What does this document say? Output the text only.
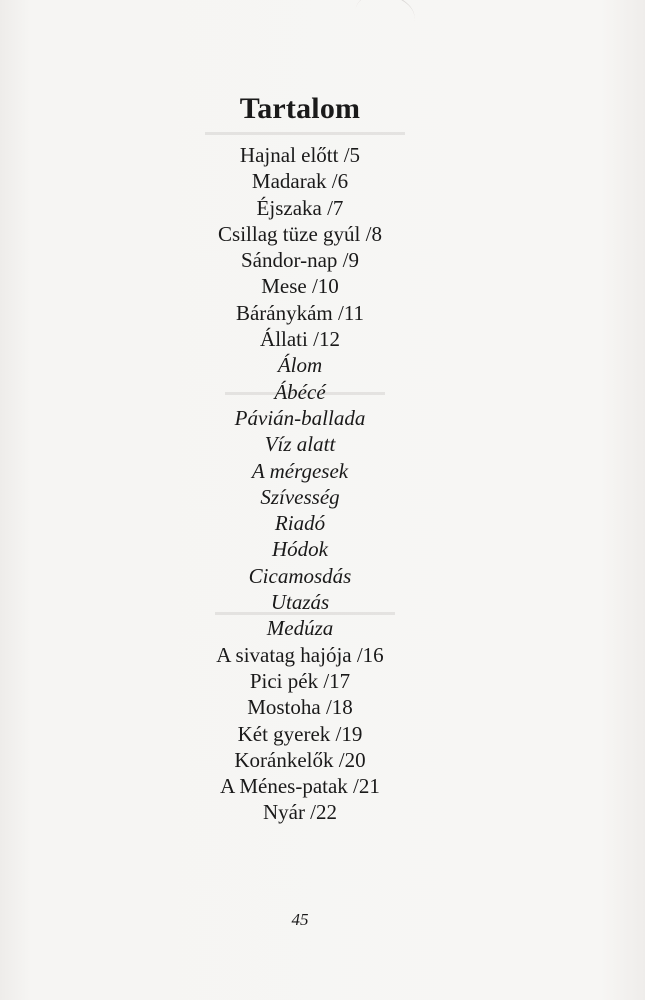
Tartalom
Hajnal előtt /5
Madarak /6
Éjszaka /7
Csillag tüze gyúl /8
Sándor-nap /9
Mese /10
Báránykám /11
Állati /12
Álom
Ábécé
Pávián-ballada
Víz alatt
A mérgesek
Szívesség
Riadó
Hódok
Cicamosdás
Utazás
Medúza
A sivatag hajója /16
Pici pék /17
Mostoha /18
Két gyerek /19
Koránkelők /20
A Ménes-patak /21
Nyár /22
45
